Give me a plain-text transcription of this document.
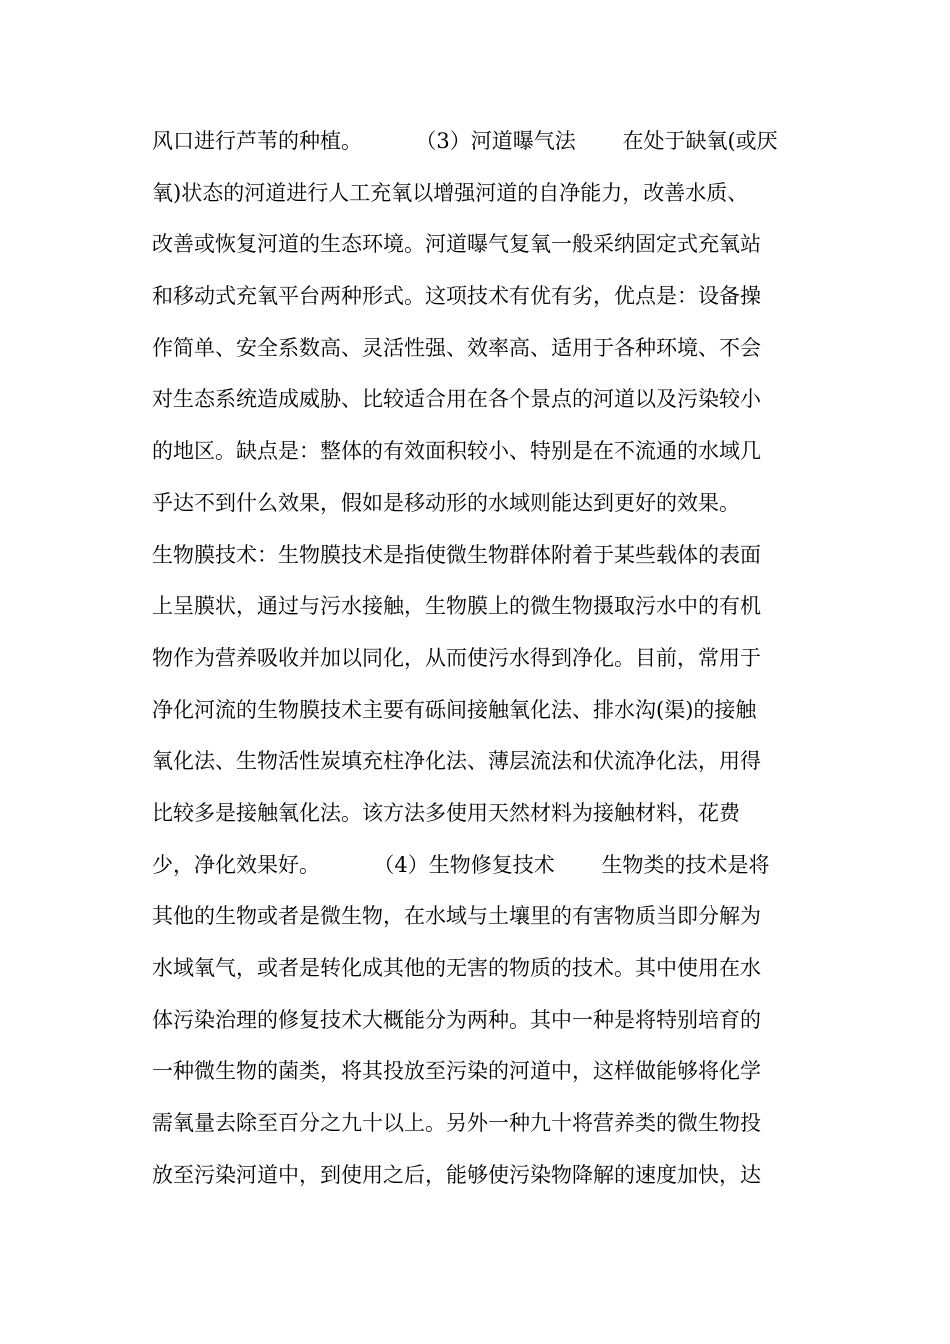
风口进行芦苇的种植。        （3）河道曝气法       在处于缺氧(或厌
氧)状态的河道进行人工充氧以增强河道的自净能力，改善水质、
改善或恢复河道的生态环境。河道曝气复氧一般采纳固定式充氧站
和移动式充氧平台两种形式。这项技术有优有劣，优点是：设备操
作简单、安全系数高、灵活性强、效率高、适用于各种环境、不会
对生态系统造成威胁、比较适合用在各个景点的河道以及污染较小
的地区。缺点是：整体的有效面积较小、特别是在不流通的水域几
乎达不到什么效果，假如是移动形的水域则能达到更好的效果。
生物膜技术：生物膜技术是指使微生物群体附着于某些载体的表面
上呈膜状，通过与污水接触，生物膜上的微生物摄取污水中的有机
物作为营养吸收并加以同化，从而使污水得到净化。目前，常用于
净化河流的生物膜技术主要有砾间接触氧化法、排水沟(渠)的接触
氧化法、生物活性炭填充柱净化法、薄层流法和伏流净化法，用得
比较多是接触氧化法。该方法多使用天然材料为接触材料，花费
少，净化效果好。        （4）生物修复技术       生物类的技术是将
其他的生物或者是微生物，在水域与土壤里的有害物质当即分解为
水域氧气，或者是转化成其他的无害的物质的技术。其中使用在水
体污染治理的修复技术大概能分为两种。其中一种是将特别培育的
一种微生物的菌类，将其投放至污染的河道中，这样做能够将化学
需氧量去除至百分之九十以上。另外一种九十将营养类的微生物投
放至污染河道中，到使用之后，能够使污染物降解的速度加快，达
